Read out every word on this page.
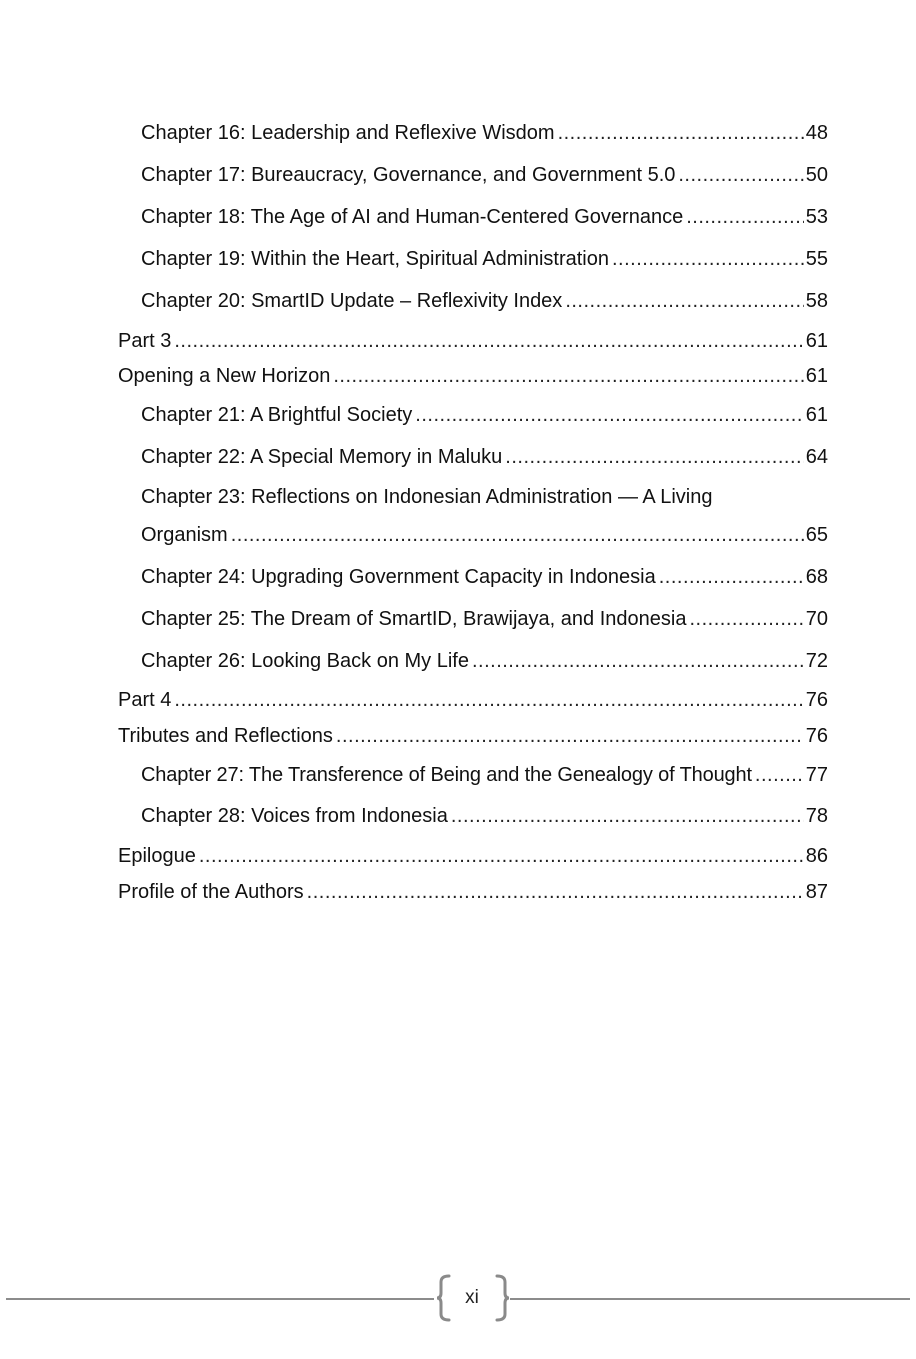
Chapter 16: Leadership and Reflexive Wisdom .....	48
Chapter 17: Bureaucracy, Governance, and Government 5.0 .....	50
Chapter 18: The Age of AI and Human-Centered Governance .....	53
Chapter 19: Within the Heart, Spiritual Administration .....	55
Chapter 20: SmartID Update – Reflexivity Index .....	58
Part 3 .....	61
Opening a New Horizon .....	61
Chapter 21: A Brightful Society .....	61
Chapter 22: A Special Memory in Maluku .....	64
Chapter 23: Reflections on Indonesian Administration — A Living
Organism .....	65
Chapter 24: Upgrading Government Capacity in Indonesia .....	68
Chapter 25: The Dream of SmartID, Brawijaya, and Indonesia .....	70
Chapter 26: Looking Back on My Life .....	72
Part 4 .....	76
Tributes and Reflections .....	76
Chapter 27: The Transference of Being and the Genealogy of Thought .....	77
Chapter 28: Voices from Indonesia .....	78
Epilogue .....	86
Profile of the Authors .....	87
xi
